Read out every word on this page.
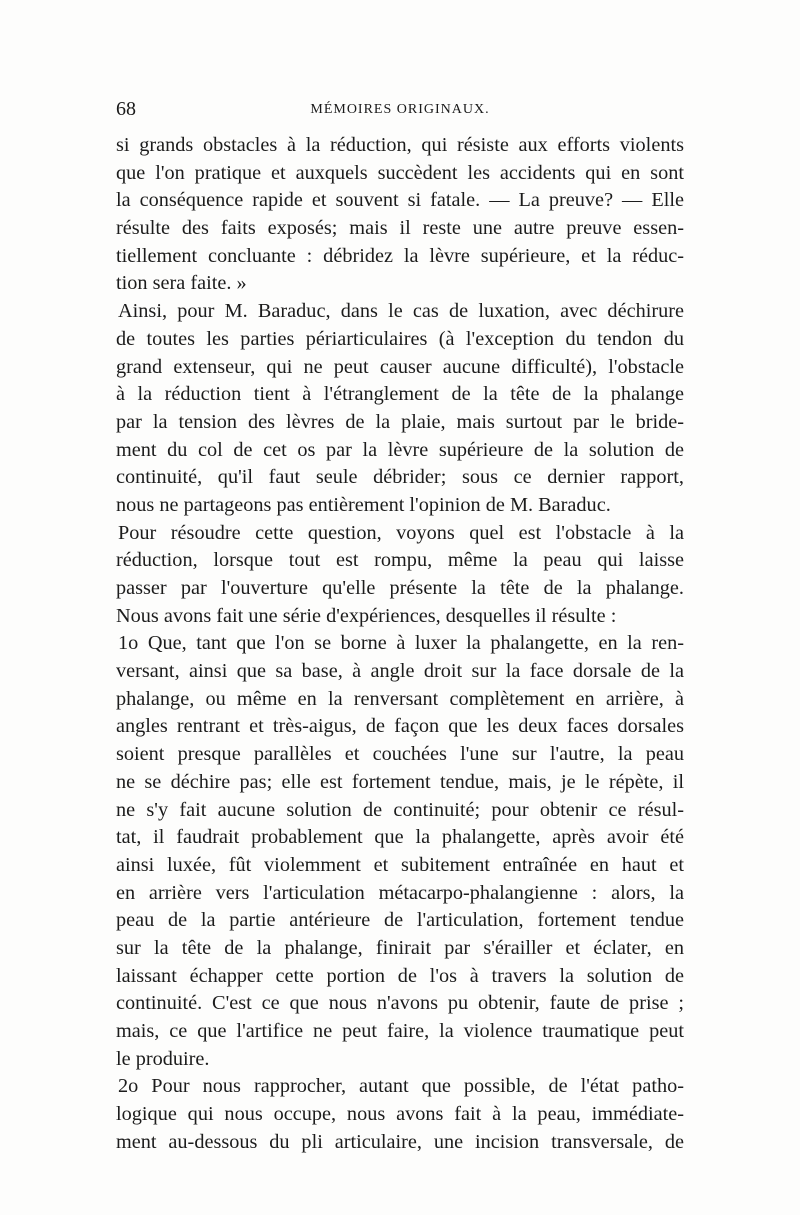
68	MÉMOIRES ORIGINAUX.
si grands obstacles à la réduction, qui résiste aux efforts violents
que l'on pratique et auxquels succèdent les accidents qui en sont
la conséquence rapide et souvent si fatale. — La preuve? — Elle
résulte des faits exposés; mais il reste une autre preuve essen-
tiellement concluante : débridez la lèvre supérieure, et la réduc-
tion sera faite. »
Ainsi, pour M. Baraduc, dans le cas de luxation, avec déchirure
de toutes les parties périarticulaires (à l'exception du tendon du
grand extenseur, qui ne peut causer aucune difficulté), l'obstacle
à la réduction tient à l'étranglement de la tête de la phalange
par la tension des lèvres de la plaie, mais surtout par le bride-
ment du col de cet os par la lèvre supérieure de la solution de
continuité, qu'il faut seule débrider; sous ce dernier rapport,
nous ne partageons pas entièrement l'opinion de M. Baraduc.
Pour résoudre cette question, voyons quel est l'obstacle à la
réduction, lorsque tout est rompu, même la peau qui laisse
passer par l'ouverture qu'elle présente la tête de la phalange.
Nous avons fait une série d'expériences, desquelles il résulte :
1o Que, tant que l'on se borne à luxer la phalangette, en la ren-
versant, ainsi que sa base, à angle droit sur la face dorsale de la
phalange, ou même en la renversant complètement en arrière, à
angles rentrant et très-aigus, de façon que les deux faces dorsales
soient presque parallèles et couchées l'une sur l'autre, la peau
ne se déchire pas; elle est fortement tendue, mais, je le répète, il
ne s'y fait aucune solution de continuité; pour obtenir ce résul-
tat, il faudrait probablement que la phalangette, après avoir été
ainsi luxée, fût violemment et subitement entraînée en haut et
en arrière vers l'articulation métacarpo-phalangienne : alors, la
peau de la partie antérieure de l'articulation, fortement tendue
sur la tête de la phalange, finirait par s'érailler et éclater, en
laissant échapper cette portion de l'os à travers la solution de
continuité. C'est ce que nous n'avons pu obtenir, faute de prise ;
mais, ce que l'artifice ne peut faire, la violence traumatique peut
le produire.
2o Pour nous rapprocher, autant que possible, de l'état patho-
logique qui nous occupe, nous avons fait à la peau, immédiate-
ment au-dessous du pli articulaire, une incision transversale, de
